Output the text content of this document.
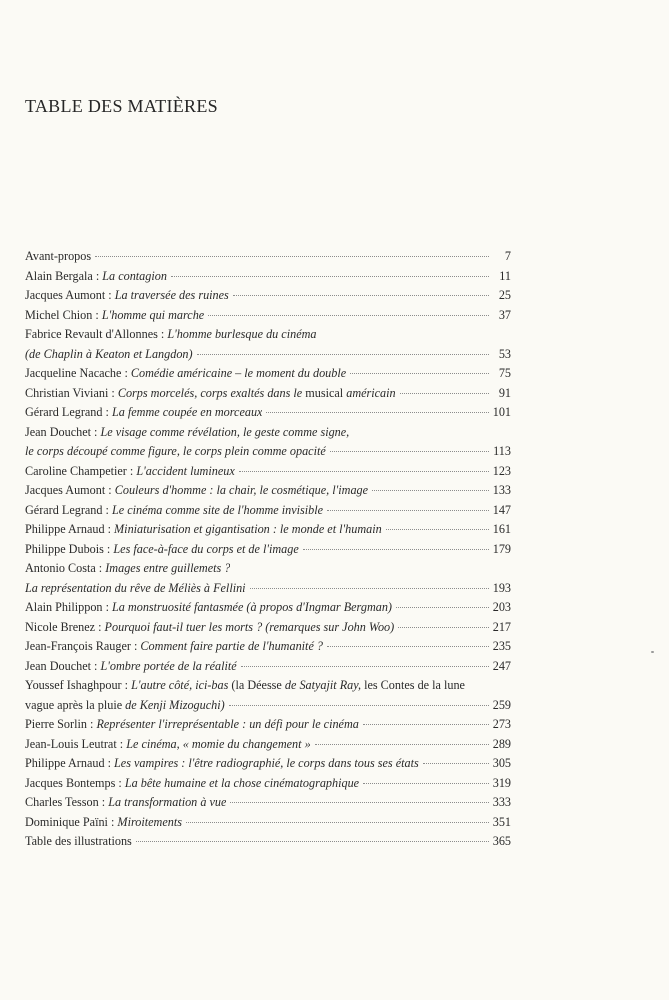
TABLE DES MATIÈRES
Avant-propos	7
Alain Bergala : La contagion	11
Jacques Aumont : La traversée des ruines	25
Michel Chion : L'homme qui marche	37
Fabrice Revault d'Allonnes : L'homme burlesque du cinéma
(de Chaplin à Keaton et Langdon)	53
Jacqueline Nacache : Comédie américaine – le moment du double	75
Christian Viviani : Corps morcelés, corps exaltés dans le musical américain	91
Gérard Legrand : La femme coupée en morceaux	101
Jean Douchet : Le visage comme révélation, le geste comme signe,
le corps découpé comme figure, le corps plein comme opacité	113
Caroline Champetier : L'accident lumineux	123
Jacques Aumont : Couleurs d'homme : la chair, le cosmétique, l'image	133
Gérard Legrand : Le cinéma comme site de l'homme invisible	147
Philippe Arnaud : Miniaturisation et gigantisation : le monde et l'humain	161
Philippe Dubois : Les face-à-face du corps et de l'image	179
Antonio Costa : Images entre guillemets ?
La représentation du rêve de Méliès à Fellini	193
Alain Philippon : La monstruosité fantasmée (à propos d'Ingmar Bergman)	203
Nicole Brenez : Pourquoi faut-il tuer les morts ? (remarques sur John Woo)	217
Jean-François Rauger : Comment faire partie de l'humanité ?	235
Jean Douchet : L'ombre portée de la réalité	247
Youssef Ishaghpour : L'autre côté, ici-bas (la Déesse de Satyajit Ray, les Contes de la lune
vague après la pluie de Kenji Mizoguchi)	259
Pierre Sorlin : Représenter l'irreprésentable : un défi pour le cinéma	273
Jean-Louis Leutrat : Le cinéma, « momie du changement »	289
Philippe Arnaud : Les vampires : l'être radiographié, le corps dans tous ses états	305
Jacques Bontemps : La bête humaine et la chose cinématographique	319
Charles Tesson : La transformation à vue	333
Dominique Païni : Miroitements	351
Table des illustrations	365
